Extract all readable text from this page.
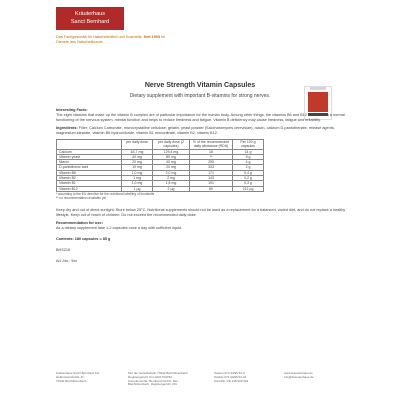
Kräuterhaus
Sanct Bernhard
Das Fachgeschäft für Naturheilmittel und Kosmetik. Seit 1903 im Dienste des Naturheilkunde.
Nerve Strength Vitamin Capsules
Dietary supplement with important B-vitamins for strong nerves.

Interesting Facts:
The eight vitamins that make up the vitamin B complex are of particular importance for the human body. Among other things, the vitamins B6 and B12 contribute to a normal functioning of the nervous system, mental function and helps to reduce tiredness and fatigue. Vitamin B deficiency may cause tiredness, fatigue and irritability.

Ingredients: Filler: Calcium Carbonate, microcrystalline cellulose; gelatin, yeast powder (Saccharomyces cerevisiae), niacin, calcium D-pantothenate, release agents, magnesium stearate, vitamin B6 hydrochloride, vitamin B1 mononitrate, vitamin B2, vitamin B12.

	per daily dose	per daily dose (2 capsules)	% of the recommended daily allowance (RDA)	Per 100 g capsules
Calcium	64,7 mg	129,4 mg	16	14 g
Vitamin yeast	40 mg	80 mg	**	9 g
Niacin	20 mg	40 mg	250	4 g
D-pantothenic acid	10 mg	20 mg	333	2 g
Vitamin B6	1,0 mg	2,0 mg	171	0,4 g
Vitamin B2	1 mg	2 mg	143	0,2 g
Vitamin B1	1,0 mg	1,5 mg	191	0,3 g
Vitamin B12	1 µg	2 µg	80	212 µg

* according to the EU directive for the nutritional labelling of foodstuffs
** no recommendation available yet

Keep dry and out of direct sunlight. Store below 25°C. Nutritional supplements should not be used as a replacement for a balanced, varied diet, and do not replace a healthy lifestyle. Keep out of reach of children. Do not exceed the recommended daily dose.

Recommendation for use:
As a dietary supplement take 1-2 capsules once a day with sufficient liquid.

Contents: 180 capsules = 85 g

BHS216

Art.-No.: 9xx

Kräuterhaus Sanct Bernhard KG
Helfensteinstraße 47
73342 Bad Ditzenbach
Sitz der Gesellschaft: 73342 Bad Ditzenbach
Registergericht Ulm HRA 541061
Komplementär: Bernhard GmbH, Sitz:
Bad Ditzenbach, Registergericht Ulm
Telefon 073 34/96 54-0
Telefax 073 34/96 54-44
Ust-IdNr. DE 145 000 001
www.kraeuterhaus.de
info@kraeuterhaus.de
